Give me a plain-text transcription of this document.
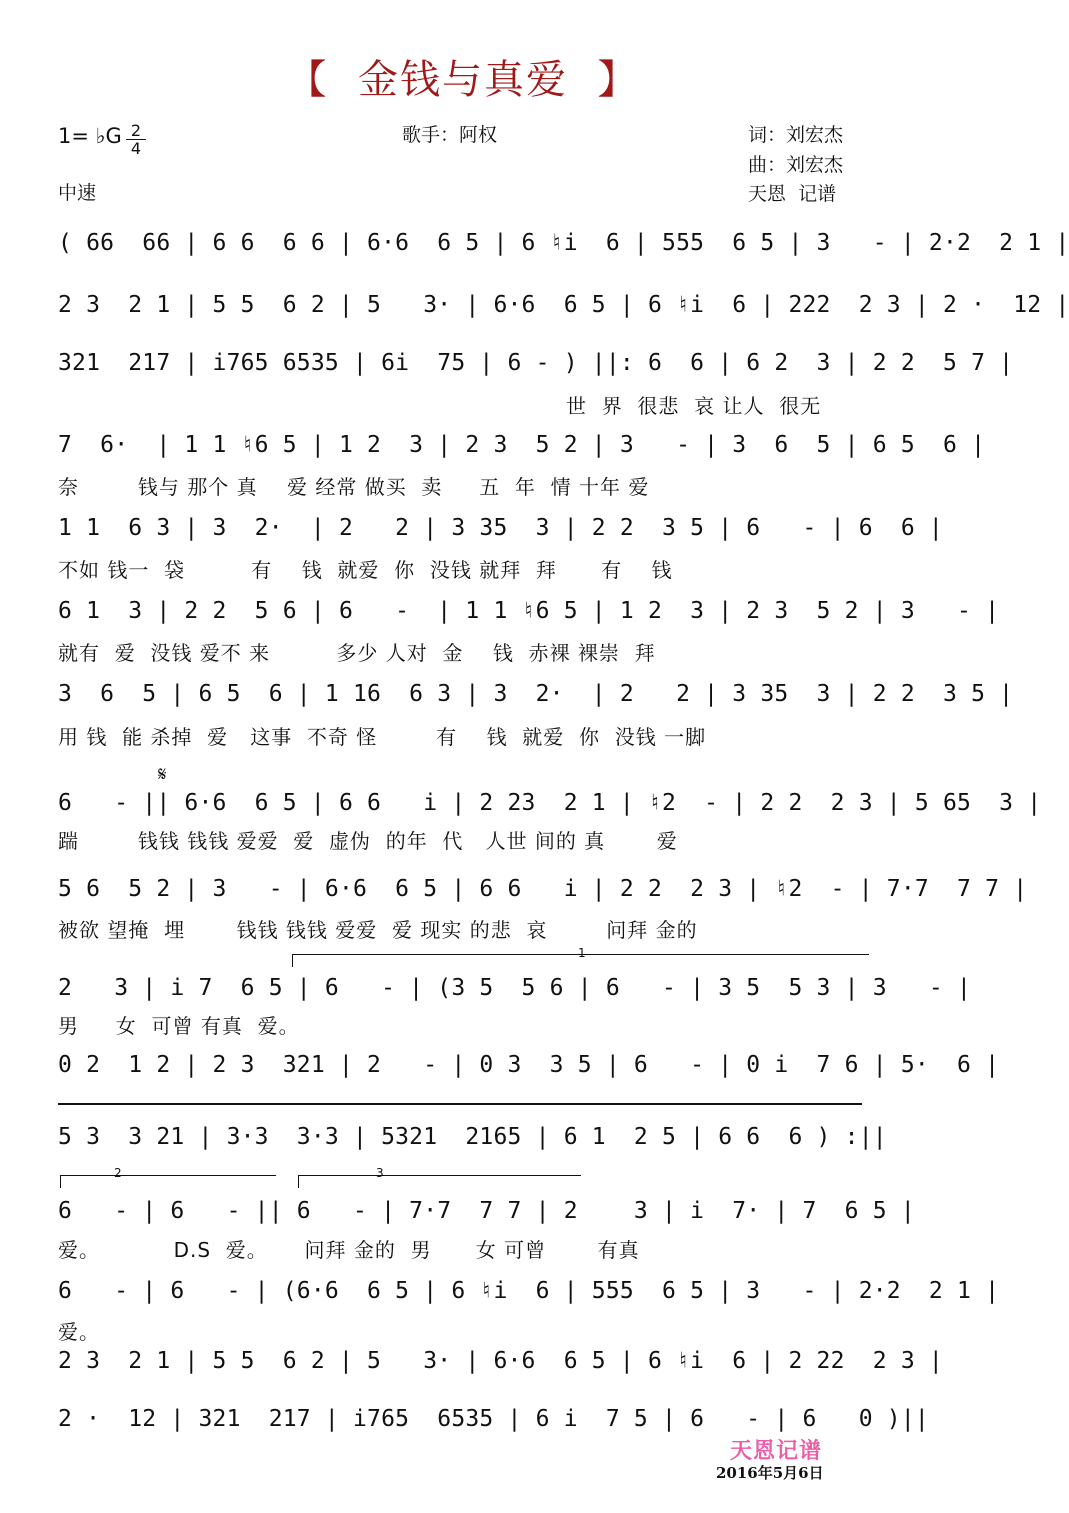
【  金钱与真爱  】
1= ♭G 2
4
中速
歌手：阿权	词：刘宏杰
曲：刘宏杰
天恩  记谱
( 66  66 | 6 6  6 6 | 6·6  6 5 | 6 ♮i  6 | 555  6 5 | 3   - | 2·2  2 1 |
2 3  2 1 | 5 5  6 2 | 5   3· | 6·6  6 5 | 6 ♮i  6 | 222  2 3 | 2 ·  12 |
321  217 | i765 6535 | 6i  75 | 6 - ) ||: 6  6 | 6 2  3 | 2 2  5 7 |
世  界  很悲  哀 让人  很无
7  6·  | 1 1 ♮6 5 | 1 2  3 | 2 3  5 2 | 3   - | 3  6  5 | 6 5  6 |
奈        钱与 那个 真    爱 经常 做买  卖     五  年  情 十年 爱
1 1  6 3 | 3  2·  | 2   2 | 3 35  3 | 2 2  3 5 | 6   - | 6  6 |
不如 钱一  袋         有    钱  就爱  你  没钱 就拜  拜      有    钱
6 1  3 | 2 2  5 6 | 6   -  | 1 1 ♮6 5 | 1 2  3 | 2 3  5 2 | 3   - |
就有  爱  没钱 爱不 来         多少 人对  金    钱  赤裸 裸崇  拜
3  6  5 | 6 5  6 | 1 16  6 3 | 3  2·  | 2   2 | 3 35  3 | 2 2  3 5 |
用 钱  能 杀掉  爱   这事  不奇 怪        有    钱  就爱  你  没钱 一脚
𝄋
6   - || 6·6  6 5 | 6 6   i | 2 23  2 1 | ♮2  - | 2 2  2 3 | 5 65  3 |
踹        钱钱 钱钱 爱爱  爱  虚伪  的年  代   人世 间的 真       爱
5 6  5 2 | 3   - | 6·6  6 5 | 6 6   i | 2 2  2 3 | ♮2  - | 7·7  7 7 |
被欲 望掩  埋       钱钱 钱钱 爱爱  爱 现实 的悲  哀        问拜 金的
1
2   3 | i 7  6 5 | 6   - | (3 5  5 6 | 6   - | 3 5  5 3 | 3   - |
男     女  可曾 有真  爱。
0 2  1 2 | 2 3  321 | 2   - | 0 3  3 5 | 6   - | 0 i  7 6 | 5·  6 |
5 3  3 21 | 3·3  3·3 | 5321  2165 | 6 1  2 5 | 6 6  6 ) :||
2	3
6   - | 6   - || 6   - | 7·7  7 7 | 2    3 | i  7· | 7  6 5 |
爱。          D.S  爱。     问拜 金的  男      女 可曾       有真
6   - | 6   - | (6·6  6 5 | 6 ♮i  6 | 555  6 5 | 3   - | 2·2  2 1 |
爱。
2 3  2 1 | 5 5  6 2 | 5   3· | 6·6  6 5 | 6 ♮i  6 | 2 22  2 3 |
2 ·  12 | 321  217 | i765  6535 | 6 i  7 5 | 6   - | 6   0 )||
天恩记谱
2016年5月6日
